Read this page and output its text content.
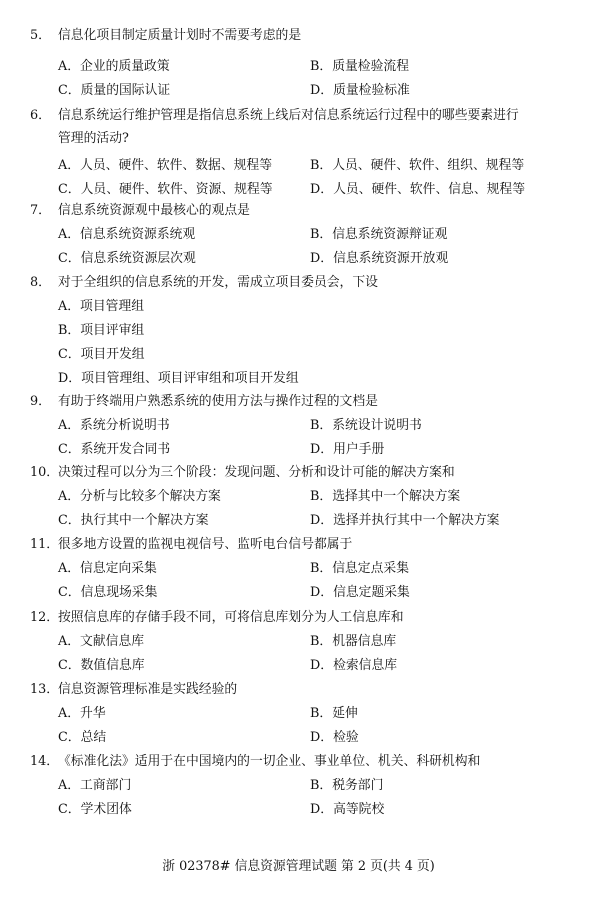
5． 信息化项目制定质量计划时不需要考虑的是
A．企业的质量政策	B．质量检验流程
C．质量的国际认证	D．质量检验标准
6． 信息系统运行维护管理是指信息系统上线后对信息系统运行过程中的哪些要素进行
管理的活动?
A．人员、硬件、软件、数据、规程等	B．人员、硬件、软件、组织、规程等
C．人员、硬件、软件、资源、规程等	D．人员、硬件、软件、信息、规程等
7． 信息系统资源观中最核心的观点是
A．信息系统资源系统观	B．信息系统资源辩证观
C．信息系统资源层次观	D．信息系统资源开放观
8． 对于全组织的信息系统的开发，需成立项目委员会，下设
A．项目管理组
B．项目评审组
C．项目开发组
D．项目管理组、项目评审组和项目开发组
9． 有助于终端用户熟悉系统的使用方法与操作过程的文档是
A．系统分析说明书	B．系统设计说明书
C．系统开发合同书	D．用户手册
10．
决策过程可以分为三个阶段：发现问题、分析和设计可能的解决方案和
A．分析与比较多个解决方案	B．选择其中一个解决方案
C．执行其中一个解决方案	D．选择并执行其中一个解决方案
11．
很多地方设置的监视电视信号、监听电台信号都属于
A．信息定向采集	B．信息定点采集
C．信息现场采集	D．信息定题采集
12．
按照信息库的存储手段不同，可将信息库划分为人工信息库和
A．文献信息库	B．机器信息库
C．数值信息库	D．检索信息库
13．
信息资源管理标准是实践经验的
A．升华	B．延伸
C．总结	D．检验
14．
《标准化法》适用于在中国境内的一切企业、事业单位、机关、科研机构和
A．工商部门	B．税务部门
C．学术团体	D．高等院校
浙 02378# 信息资源管理试题 第 2 页(共 4 页)
